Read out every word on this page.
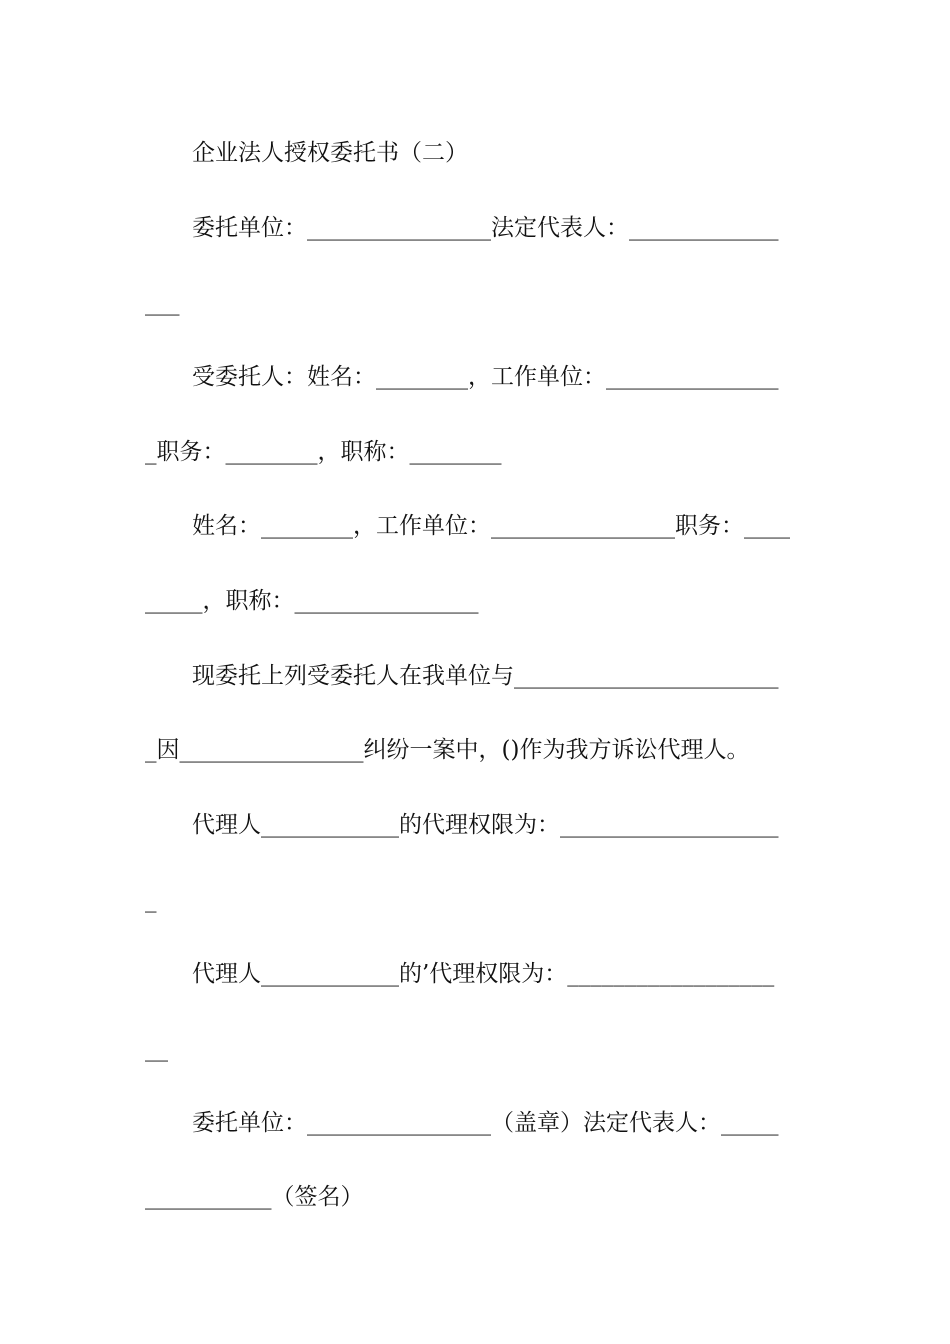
企业法人授权委托书（二）
委托单位：________________法定代表人：_____________
___
受委托人：姓名：________，工作单位：_______________
_职务：________，职称：________
姓名：________，工作单位：________________职务：____
_____，职称：________________
现委托上列受委托人在我单位与_______________________
_因________________纠纷一案中，()作为我方诉讼代理人。
代理人____________的代理权限为：___________________
_
代理人____________的’代理权限为：__________________
__
委托单位：________________（盖章）法定代表人：_____
___________（签名）
